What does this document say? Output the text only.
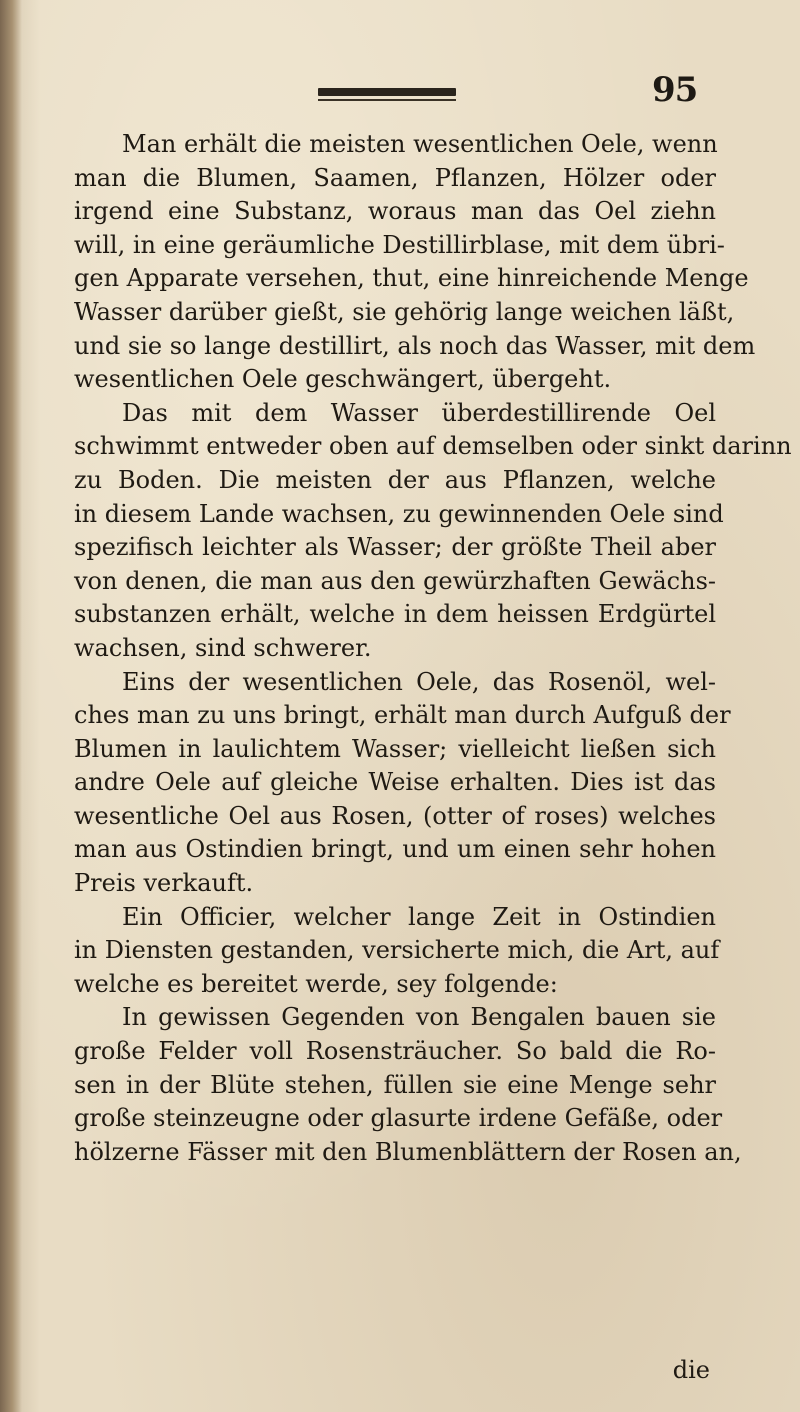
95
Man erhält die meisten wesentlichen Oele, wenn
man die Blumen, Saamen, Pflanzen, Hölzer oder
irgend eine Substanz, woraus man das Oel ziehn
will, in eine geräumliche Destillirblase, mit dem übri-
gen Apparate versehen, thut, eine hinreichende Menge
Wasser darüber gießt, sie gehörig lange weichen läßt,
und sie so lange destillirt, als noch das Wasser, mit dem
wesentlichen Oele geschwängert, übergeht.
Das mit dem Wasser überdestillirende Oel
schwimmt entweder oben auf demselben oder sinkt darinn
zu Boden. Die meisten der aus Pflanzen, welche
in diesem Lande wachsen, zu gewinnenden Oele sind
spezifisch leichter als Wasser; der größte Theil aber
von denen, die man aus den gewürzhaften Gewächs-
substanzen erhält, welche in dem heissen Erdgürtel
wachsen, sind schwerer.
Eins der wesentlichen Oele, das Rosenöl, wel-
ches man zu uns bringt, erhält man durch Aufguß der
Blumen in laulichtem Wasser; vielleicht ließen sich
andre Oele auf gleiche Weise erhalten. Dies ist das
wesentliche Oel aus Rosen, (otter of roses) welches
man aus Ostindien bringt, und um einen sehr hohen
Preis verkauft.
Ein Officier, welcher lange Zeit in Ostindien
in Diensten gestanden, versicherte mich, die Art, auf
welche es bereitet werde, sey folgende:
In gewissen Gegenden von Bengalen bauen sie
große Felder voll Rosensträucher. So bald die Ro-
sen in der Blüte stehen, füllen sie eine Menge sehr
große steinzeugne oder glasurte irdene Gefäße, oder
hölzerne Fässer mit den Blumenblättern der Rosen an,
die
